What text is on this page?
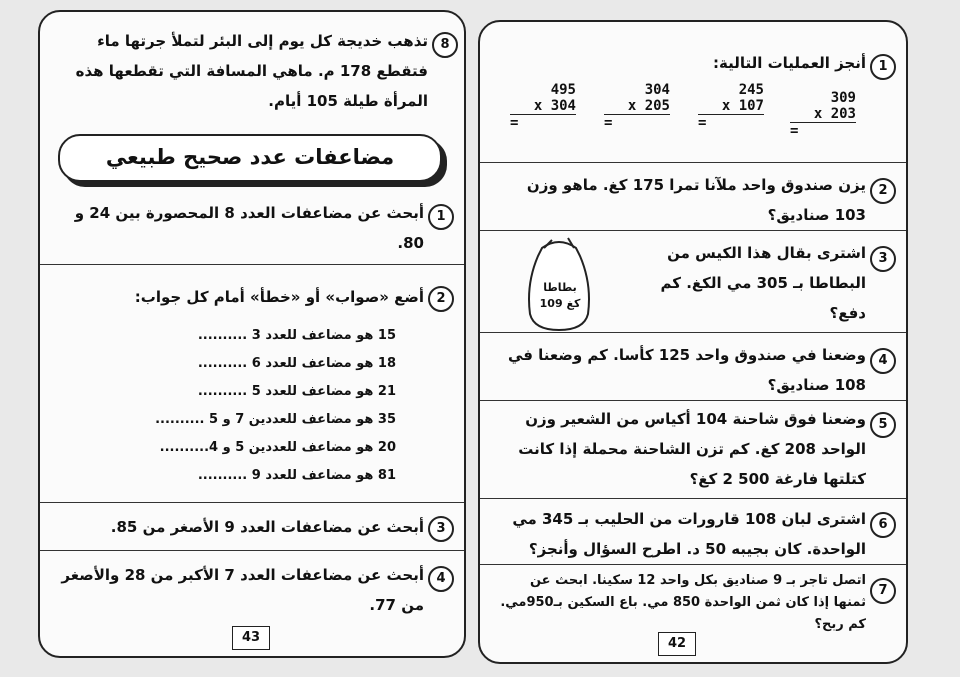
8
تذهب خديجة كل يوم إلى البئر لتملأ جرتها ماء فتقطع 178 م. ماهي المسافة التي تقطعها هذه المرأة طيلة 105 أيام.
مضاعفات عدد صحيح طبيعي
1
أبحث عن مضاعفات العدد 8 المحصورة بين 24 و 80.
2
أضع «صواب» أو «خطأ» أمام كل جواب:
15 هو مضاعف للعدد 3 ..........
18 هو مضاعف للعدد 6 ..........
21 هو مضاعف للعدد 5 ..........
35 هو مضاعف للعددين 7 و 5 ..........
20 هو مضاعف للعددين 5 و 4..........
81 هو مضاعف للعدد 9 ..........
3
أبحث عن مضاعفات العدد 9 الأصغر من 85.
4
أبحث عن مضاعفات العدد 7 الأكبر من 28 والأصغر من 77.
43
1
أنجز العمليات التالية:
495
x 304
=
304
x 205
=
245
x 107
=
309
x 203
=
2
يزن صندوق واحد ملآنا تمرا 175 كغ. ماهو وزن 103 صناديق؟
3
اشترى بقال هذا الكيس من البطاطا بـ 305 مي الكغ. كم دفع؟
بطاطا
109 كغ
4
وضعنا في صندوق واحد 125 كأسا. كم وضعنا في 108 صناديق؟
5
وضعنا فوق شاحنة 104 أكياس من الشعير وزن الواحد 208 كغ. كم تزن الشاحنة محملة إذا كانت كتلتها فارغة 500 2 كغ؟
6
اشترى لبان 108 قارورات من الحليب بـ 345 مي الواحدة. كان بجيبه 50 د. اطرح السؤال وأنجز؟
7
اتصل تاجر بـ 9 صناديق بكل واحد 12 سكينا. ابحث عن ثمنها إذا كان ثمن الواحدة 850 مي. باع السكين بـ950مي. كم ربح؟
42
